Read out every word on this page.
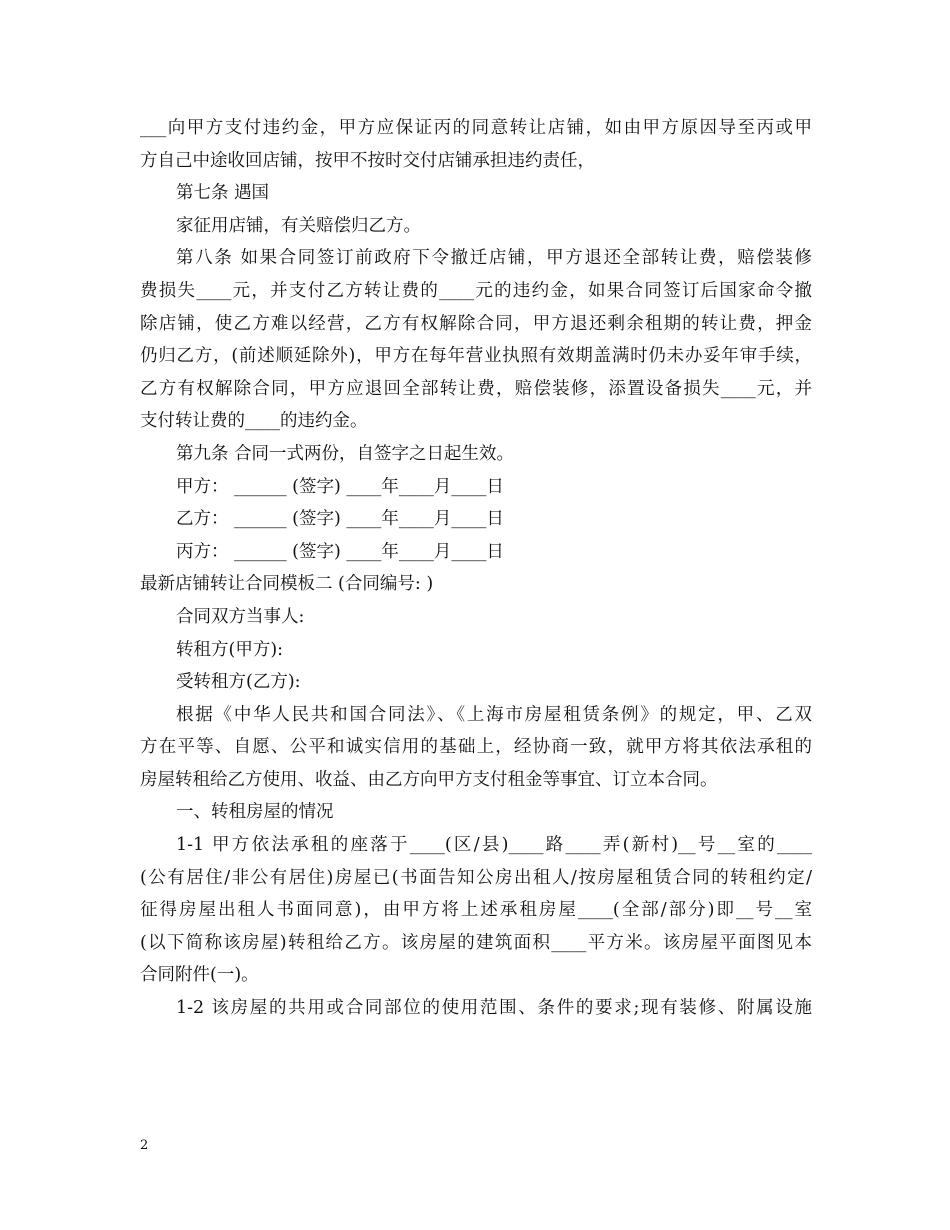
___向甲方支付违约金，甲方应保证丙的同意转让店铺，如由甲方原因导至丙或甲
方自己中途收回店铺，按甲不按时交付店铺承担违约责任，
第七条 遇国
家征用店铺，有关赔偿归乙方。
第八条 如果合同签订前政府下令撤迁店铺，甲方退还全部转让费，赔偿装修
费损失____元，并支付乙方转让费的____元的违约金，如果合同签订后国家命令撤
除店铺，使乙方难以经营，乙方有权解除合同，甲方退还剩余租期的转让费，押金
仍归乙方，(前述顺延除外)，甲方在每年营业执照有效期盖满时仍未办妥年审手续，
乙方有权解除合同，甲方应退回全部转让费，赔偿装修，添置设备损失____元，并
支付转让费的____的违约金。
第九条 合同一式两份，自签字之日起生效。
甲方： ______ (签字) ____年____月____日
乙方： ______ (签字) ____年____月____日
丙方： ______ (签字) ____年____月____日
最新店铺转让合同模板二 (合同编号: )
合同双方当事人:
转租方(甲方):
受转租方(乙方):
根据《中华人民共和国合同法》、《上海市房屋租赁条例》的规定，甲、乙双
方在平等、自愿、公平和诚实信用的基础上，经协商一致，就甲方将其依法承租的
房屋转租给乙方使用、收益、由乙方向甲方支付租金等事宜、订立本合同。
一、转租房屋的情况
1-1 甲方依法承租的座落于____(区/县)____路____弄(新村)__号__室的____
(公有居住/非公有居住)房屋已(书面告知公房出租人/按房屋租赁合同的转租约定/
征得房屋出租人书面同意)，由甲方将上述承租房屋____(全部/部分)即__号__室
(以下简称该房屋)转租给乙方。该房屋的建筑面积____平方米。该房屋平面图见本
合同附件(一)。
1-2 该房屋的共用或合同部位的使用范围、条件的要求;现有装修、附属设施
2
